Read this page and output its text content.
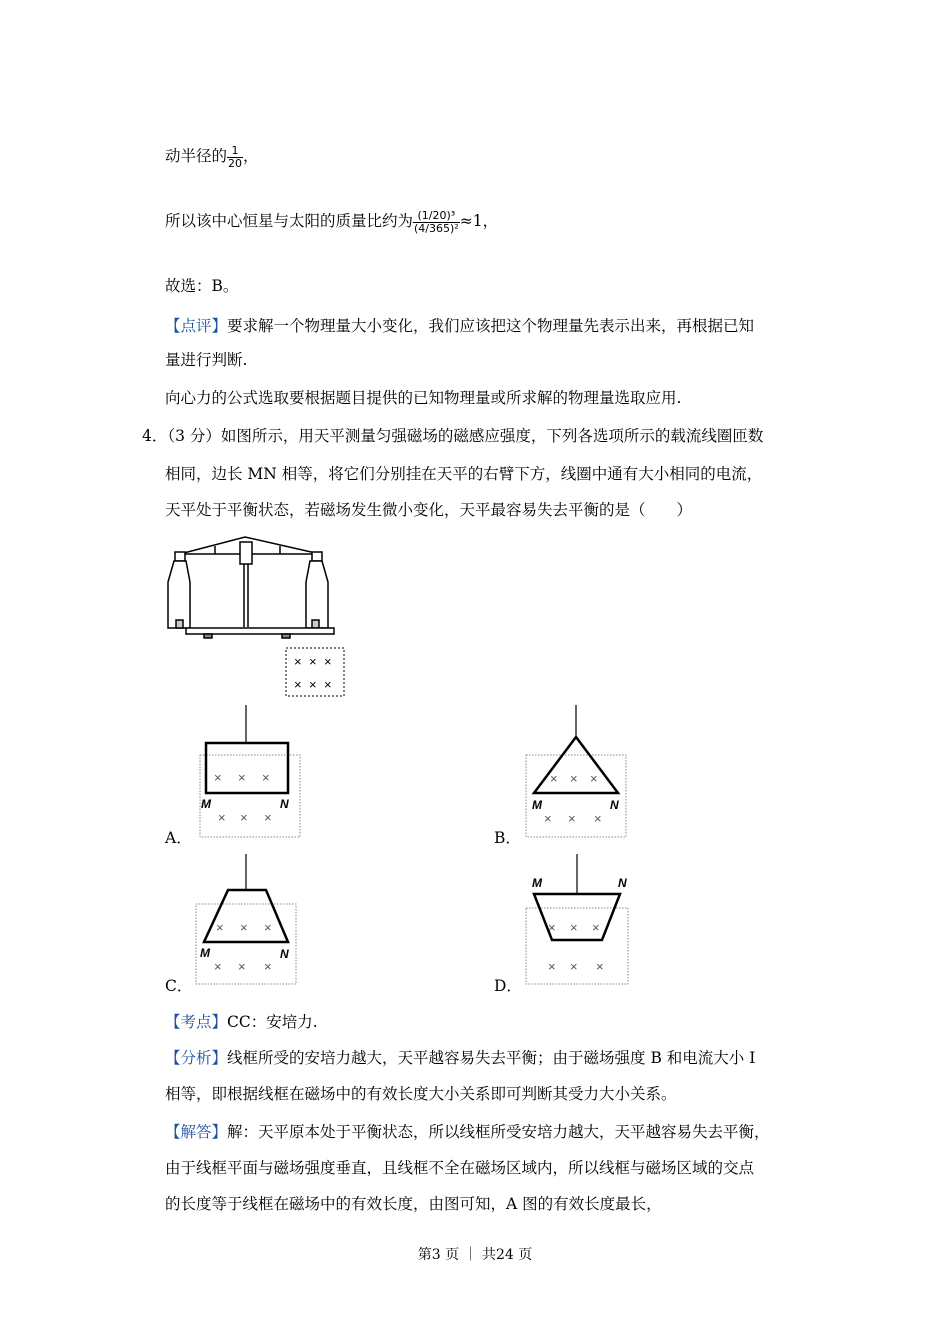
动半径的 $\frac{1}{20}$ ，
所以该中心恒星与太阳的质量比约为 $\frac{\text{(1/20)³}}{\text{(4/365)²}} \approx 1$，
故选：B。
【点评】要求解一个物理量大小变化，我们应该把这个物理量先表示出来，再根据已知
量进行判断.
向心力的公式选取要根据题目提供的已知物理量或所求解的物理量选取应用.
4．（3 分）如图所示，用天平测量匀强磁场的磁感应强度，下列各选项所示的载流线圈匝数
相同，边长 MN 相等，将它们分别挂在天平的右臂下方，线圈中通有大小相同的电流，
天平处于平衡状态，若磁场发生微小变化，天平最容易失去平衡的是（　　）
× × ×
× × ×
A．
× × ×
× × ×
M	N
B．
× × ×
× × ×
M	N
C．
× × ×
× × ×
M	N
D．
× × ×
× × ×
M	N
【考点】CC：安培力.
【分析】线框所受的安培力越大，天平越容易失去平衡；由于磁场强度 B 和电流大小 I
相等，即根据线框在磁场中的有效长度大小关系即可判断其受力大小关系。
【解答】解：天平原本处于平衡状态，所以线框所受安培力越大，天平越容易失去平衡，
由于线框平面与磁场强度垂直，且线框不全在磁场区域内，所以线框与磁场区域的交点
的长度等于线框在磁场中的有效长度，由图可知，A 图的有效长度最长，
第3 页 ｜ 共24 页
